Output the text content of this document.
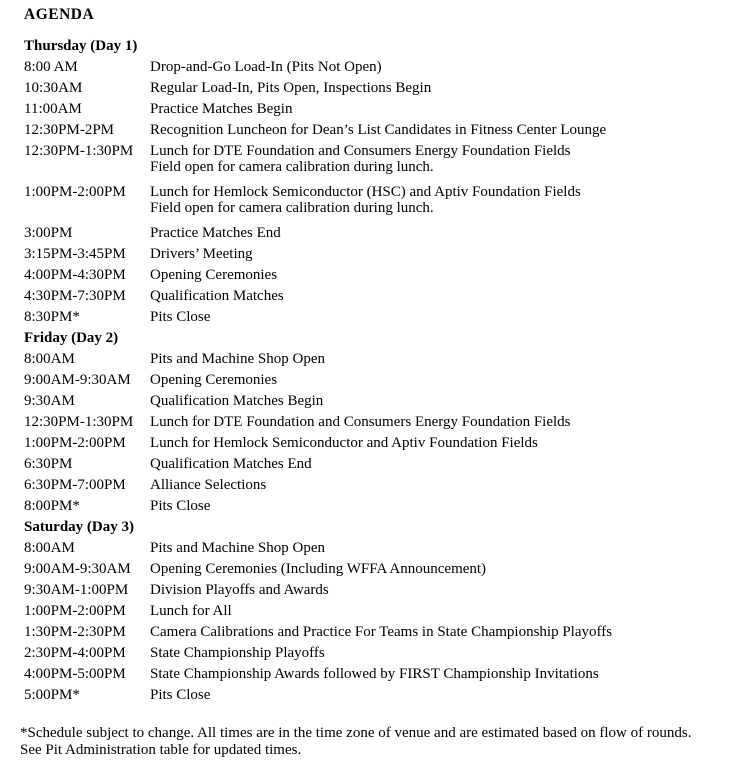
AGENDA
Thursday (Day 1)
8:00 AM	Drop-and-Go Load-In (Pits Not Open)
10:30AM	Regular Load-In, Pits Open, Inspections Begin
11:00AM	Practice Matches Begin
12:30PM-2PM	Recognition Luncheon for Dean’s List Candidates in Fitness Center Lounge
12:30PM-1:30PM	Lunch for DTE Foundation and Consumers Energy Foundation Fields
Field open for camera calibration during lunch.
1:00PM-2:00PM	Lunch for Hemlock Semiconductor (HSC) and Aptiv Foundation Fields
Field open for camera calibration during lunch.
3:00PM	Practice Matches End
3:15PM-3:45PM	Drivers’ Meeting
4:00PM-4:30PM	Opening Ceremonies
4:30PM-7:30PM	Qualification Matches
8:30PM*	Pits Close
Friday (Day 2)
8:00AM	Pits and Machine Shop Open
9:00AM-9:30AM	Opening Ceremonies
9:30AM	Qualification Matches Begin
12:30PM-1:30PM	Lunch for DTE Foundation and Consumers Energy Foundation Fields
1:00PM-2:00PM	Lunch for Hemlock Semiconductor and Aptiv Foundation Fields
6:30PM	Qualification Matches End
6:30PM-7:00PM	Alliance Selections
8:00PM*	Pits Close
Saturday (Day 3)
8:00AM	Pits and Machine Shop Open
9:00AM-9:30AM	Opening Ceremonies (Including WFFA Announcement)
9:30AM-1:00PM	Division Playoffs and Awards
1:00PM-2:00PM	Lunch for All
1:30PM-2:30PM	Camera Calibrations and Practice For Teams in State Championship Playoffs
2:30PM-4:00PM	State Championship Playoffs
4:00PM-5:00PM	State Championship Awards followed by FIRST Championship Invitations
5:00PM*	Pits Close
*Schedule subject to change. All times are in the time zone of venue and are estimated based on flow of rounds.
See Pit Administration table for updated times.
